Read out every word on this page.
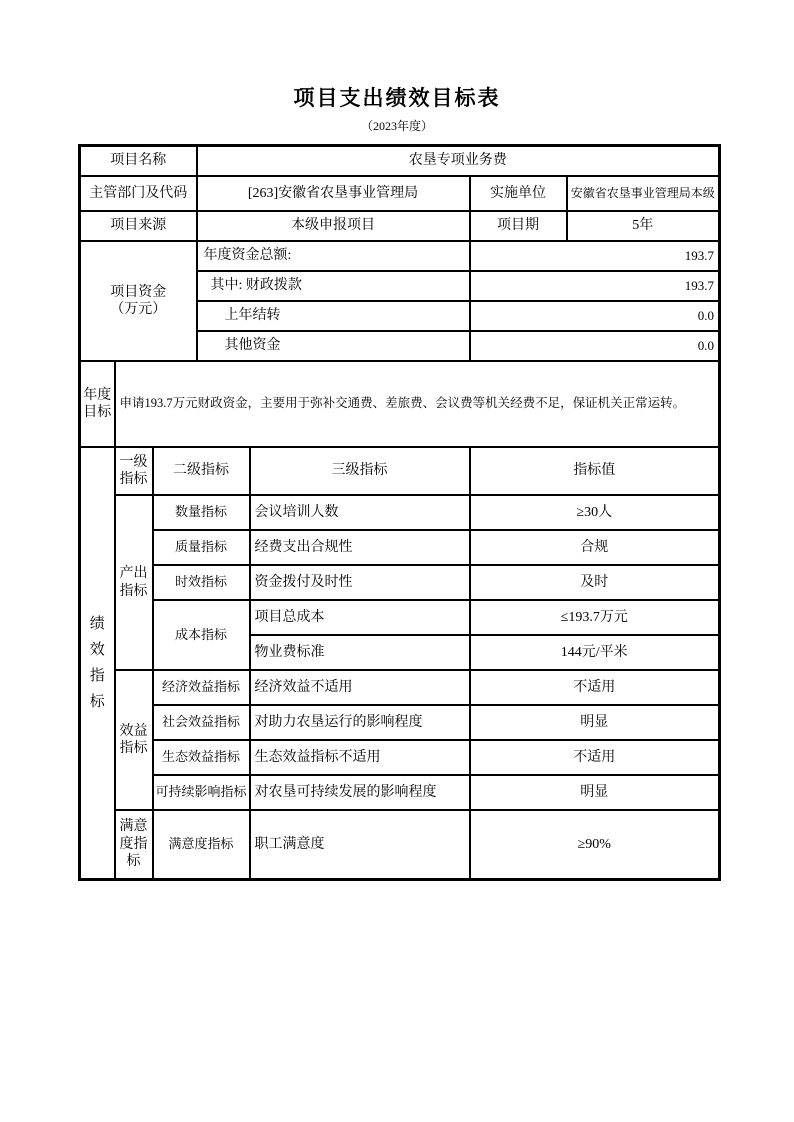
项目支出绩效目标表
（2023年度）
项目名称			农垦专项业务费			
主管部门及代码			[263]安徽省农垦事业管理局		实施单位	安徽省农垦事业管理局本级
项目来源			本级申报项目		项目期	5年

项目资金
（万元）			年度资金总额:		193.7	
			其中: 财政拨款		193.7	
			上年结转		0.0	
			其他资金		0.0	
年度目标	申请193.7万元财政资金，主要用于弥补交通费、差旅费、会议费等机关经费不足，保证机关正常运转。					

绩效指标	一级指标	二级指标		三级指标	指标值	
	产出指标	数量指标		会议培训人数	≥30人	
		质量指标		经费支出合规性	合规	
		时效指标		资金拨付及时性	及时	
		成本指标		项目总成本	≤193.7万元	
				物业费标准	144元/平米	
	效益指标	经济效益指标		经济效益不适用	不适用	
		社会效益指标		对助力农垦运行的影响程度	明显	
		生态效益指标		生态效益指标不适用	不适用	
		可持续影响指标		对农垦可持续发展的影响程度	明显	
	满意度指标	满意度指标		职工满意度	≥90%	
